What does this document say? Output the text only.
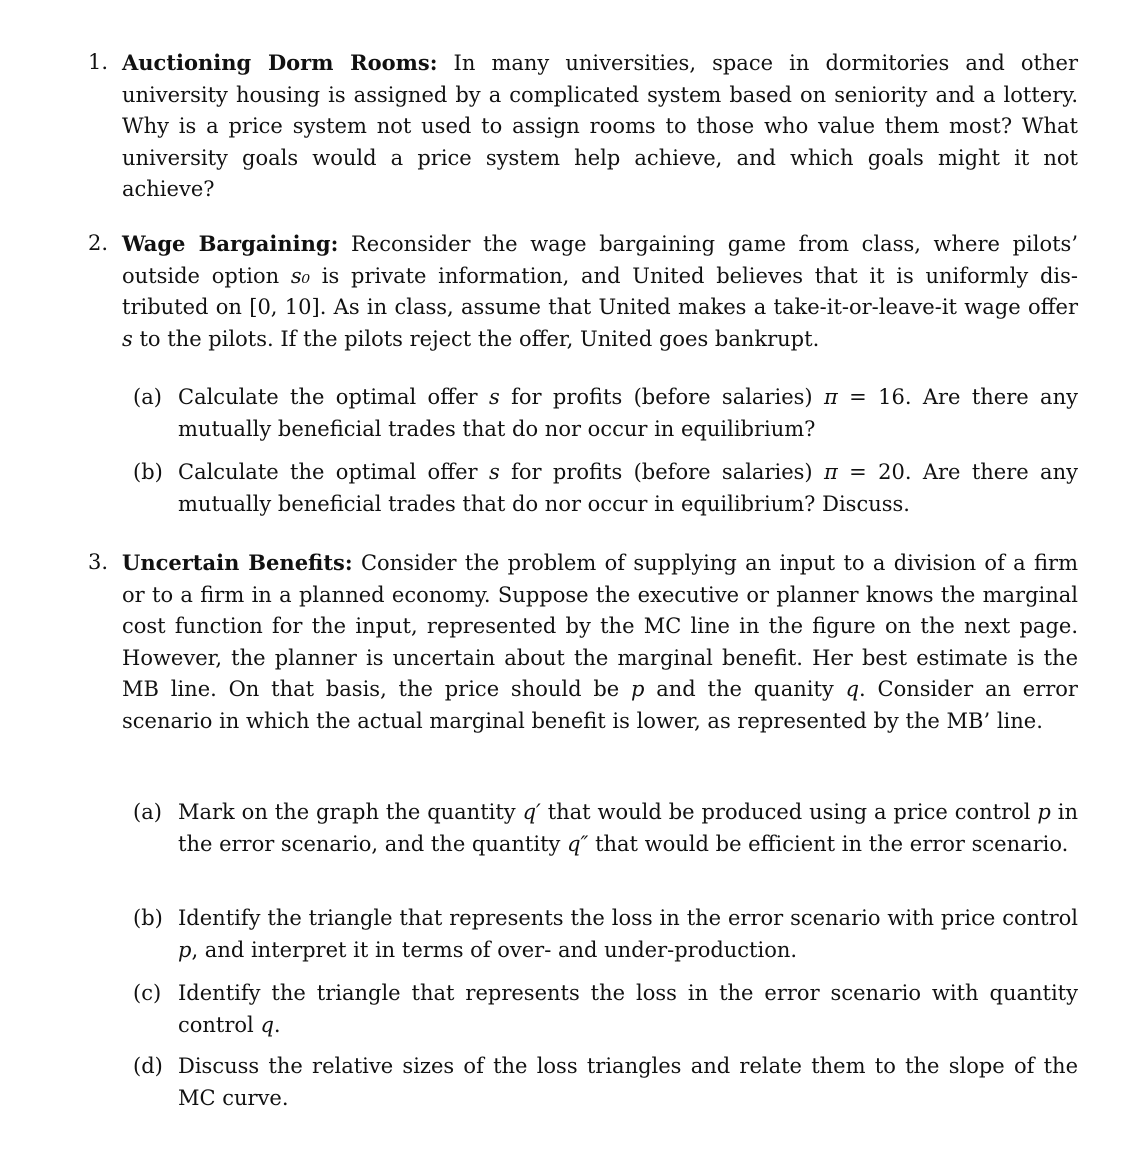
1. Auctioning Dorm Rooms: In many universities, space in dormitories and other university housing is assigned by a complicated system based on seniority and a lottery. Why is a price system not used to assign rooms to those who value them most? What university goals would a price system help achieve, and which goals might it not achieve?
2. Wage Bargaining: Reconsider the wage bargaining game from class, where pilots’ outside option s₀ is private information, and United believes that it is uniformly distributed on [0, 10]. As in class, assume that United makes a take-it-or-leave-it wage offer s to the pilots. If the pilots reject the offer, United goes bankrupt.
(a) Calculate the optimal offer s for profits (before salaries) π = 16. Are there any mutually beneficial trades that do nor occur in equilibrium?
(b) Calculate the optimal offer s for profits (before salaries) π = 20. Are there any mutually beneficial trades that do nor occur in equilibrium? Discuss.
3. Uncertain Benefits: Consider the problem of supplying an input to a division of a firm or to a firm in a planned economy. Suppose the executive or planner knows the marginal cost function for the input, represented by the MC line in the figure on the next page. However, the planner is uncertain about the marginal benefit. Her best estimate is the MB line. On that basis, the price should be p and the quanity q. Consider an error scenario in which the actual marginal benefit is lower, as represented by the MB’ line.
(a) Mark on the graph the quantity q′ that would be produced using a price control p in the error scenario, and the quantity q″ that would be efficient in the error scenario.
(b) Identify the triangle that represents the loss in the error scenario with price control p, and interpret it in terms of over- and under-production.
(c) Identify the triangle that represents the loss in the error scenario with quantity control q.
(d) Discuss the relative sizes of the loss triangles and relate them to the slope of the MC curve.
